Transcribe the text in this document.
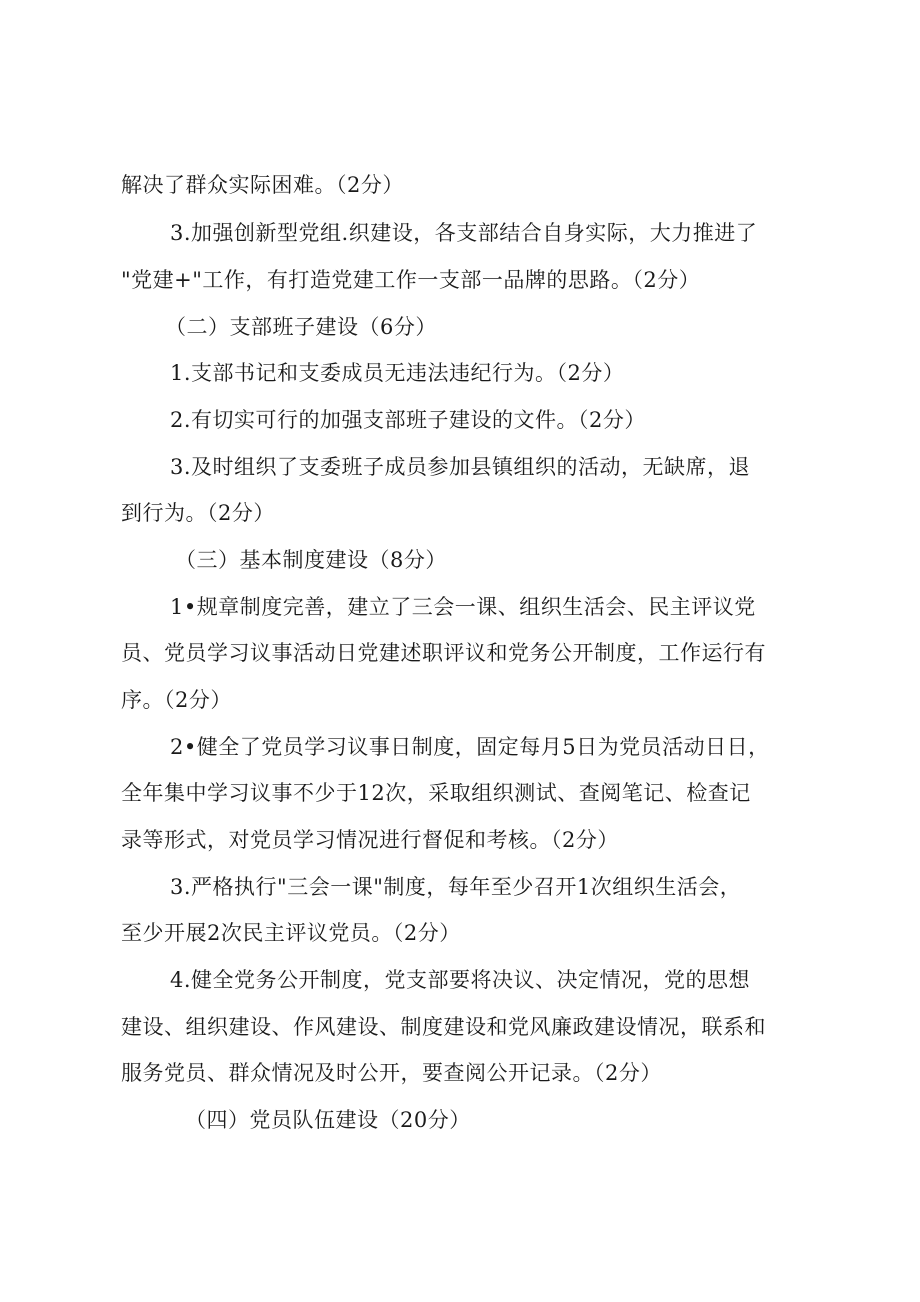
解决了群众实际困难。（2分）
3.加强创新型党组.织建设，各支部结合自身实际，大力推进了
"党建+"工作，有打造党建工作一支部一品牌的思路。（2分）
（二）支部班子建设（6分）
1.支部书记和支委成员无违法违纪行为。（2分）
2.有切实可行的加强支部班子建设的文件。（2分）
3.及时组织了支委班子成员参加县镇组织的活动，无缺席，退
到行为。（2分）
（三）基本制度建设（8分）
1•规章制度完善，建立了三会一课、组织生活会、民主评议党
员、党员学习议事活动日党建述职评议和党务公开制度，工作运行有
序。（2分）
2•健全了党员学习议事日制度，固定每月5日为党员活动日日，
全年集中学习议事不少于12次，采取组织测试、查阅笔记、检查记
录等形式，对党员学习情况进行督促和考核。（2分）
3.严格执行"三会一课"制度，每年至少召开1次组织生活会，
至少开展2次民主评议党员。（2分）
4.健全党务公开制度，党支部要将决议、决定情况，党的思想
建设、组织建设、作风建设、制度建设和党风廉政建设情况，联系和
服务党员、群众情况及时公开，要查阅公开记录。（2分）
（四）党员队伍建设（20分）
